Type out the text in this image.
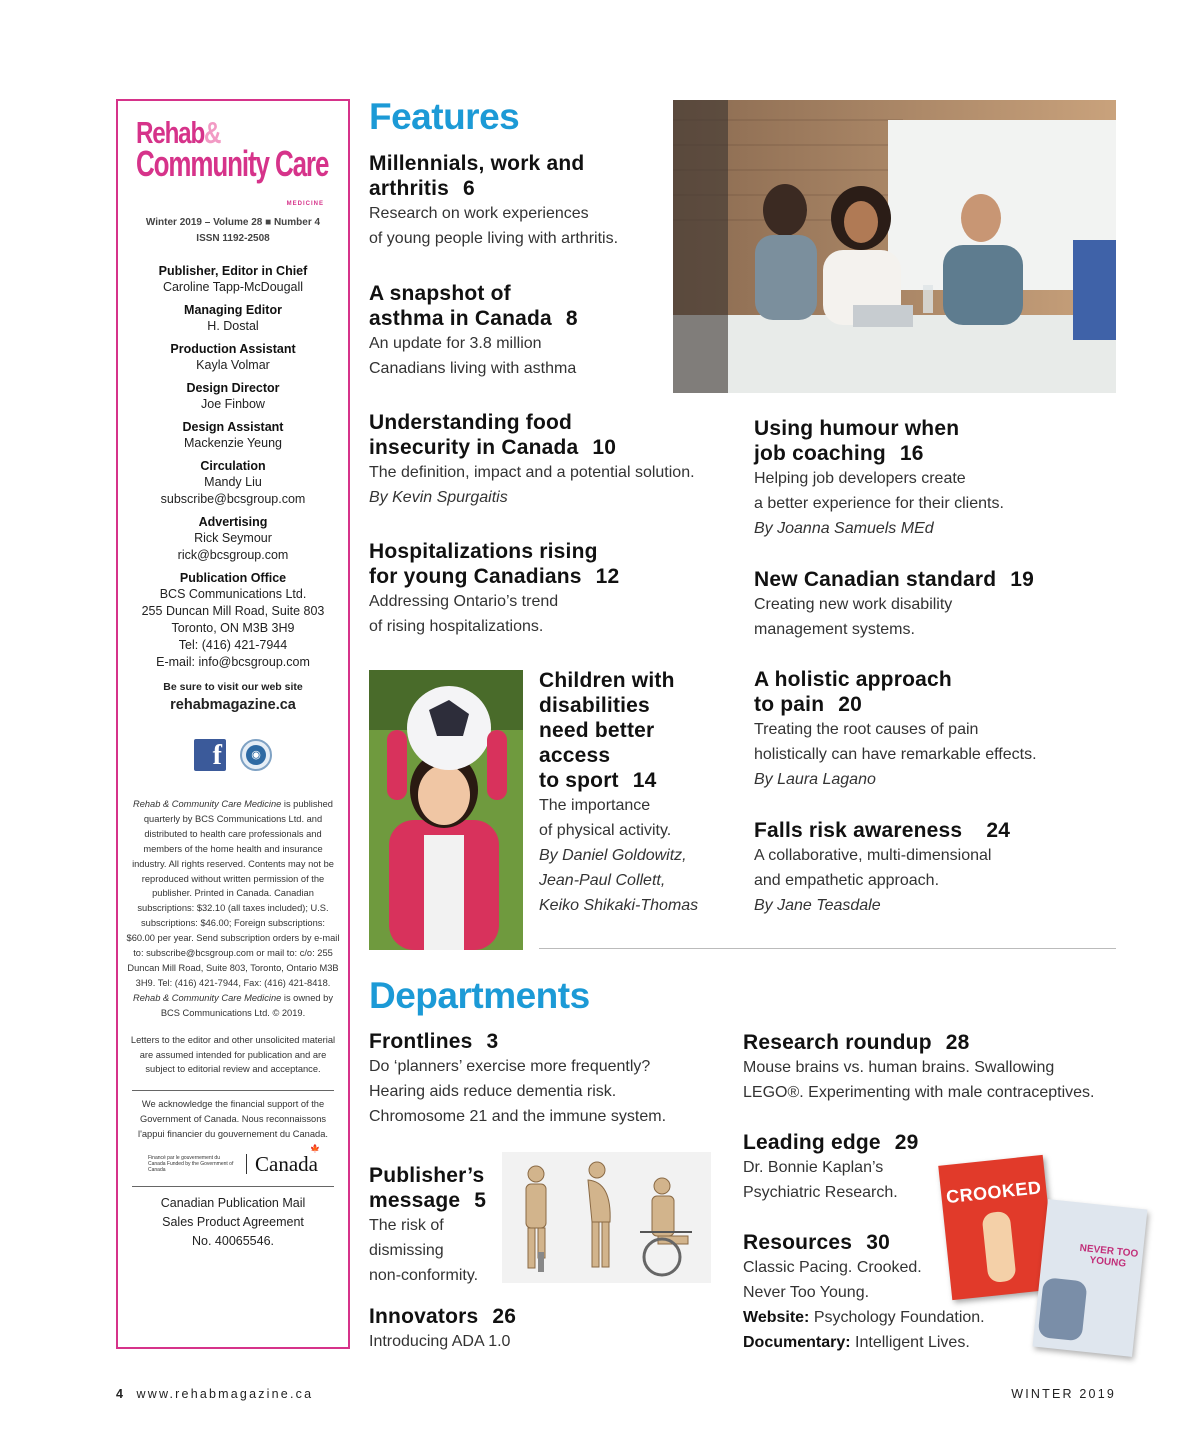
Rehab&
Community Care
MEDICINE
Winter 2019 – Volume 28 ■ Number 4
ISSN 1192-2508
Publisher, Editor in Chief
Caroline Tapp-McDougall
Managing Editor
H. Dostal
Production Assistant
Kayla Volmar
Design Director
Joe Finbow
Design Assistant
Mackenzie Yeung
Circulation
Mandy Liu
subscribe@bcsgroup.com
Advertising
Rick Seymour
rick@bcsgroup.com
Publication Office
BCS Communications Ltd.
255 Duncan Mill Road, Suite 803
Toronto, ON M3B 3H9
Tel: (416) 421-7944
E-mail: info@bcsgroup.com
Be sure to visit our web site
rehabmagazine.ca
f	◉
Rehab & Community Care Medicine is published quarterly by BCS Communications Ltd. and distributed to health care professionals and members of the home health and insurance industry. All rights reserved. Contents may not be reproduced without written permission of the publisher. Printed in Canada. Canadian subscriptions: $32.10 (all taxes included); U.S. subscriptions: $46.00; Foreign subscriptions: $60.00 per year. Send subscription orders by e-mail to: subscribe@bcsgroup.com or mail to: c/o: 255 Duncan Mill Road, Suite 803, Toronto, Ontario M3B 3H9. Tel: (416) 421-7944, Fax: (416) 421-8418. Rehab & Community Care Medicine is owned by BCS Communications Ltd. © 2019.
Letters to the editor and other unsolicited material are assumed intended for publication and are subject to editorial review and acceptance.
We acknowledge the financial support of the Government of Canada. Nous reconnaissons l'appui financier du gouvernement du Canada.
Financé par le gouvernement du Canada Funded by the Government of Canada	Canada
🍁
Canadian Publication Mail
Sales Product Agreement
No. 40065546.
Features
Millennials, work and
arthritis 6

Research on work experiences

of young people living with arthritis.

A snapshot of
asthma in Canada 8

An update for 3.8 million

Canadians living with asthma

Understanding food
insecurity in Canada 10

The definition, impact and a potential solution.

By Kevin Spurgaitis

Hospitalizations rising
for young Canadians 12

Addressing Ontario’s trend

of rising hospitalizations.

Children with
disabilities
need better
access
to sport 14

The importance

of physical activity.

By Daniel Goldowitz,
Jean-Paul Collett,
Keiko Shikaki-Thomas

Using humour when
job coaching 16

Helping job developers create

a better experience for their clients.

By Joanna Samuels MEd

New Canadian standard 19

Creating new work disability

management systems.

A holistic approach
to pain 20

Treating the root causes of pain

holistically can have remarkable effects.

By Laura Lagano

Falls risk awareness 24

A collaborative, multi-dimensional

and empathetic approach.

By Jane Teasdale

Departments
Frontlines 3

Do ‘planners’ exercise more frequently?

Hearing aids reduce dementia risk.

Chromosome 21 and the immune system.

Publisher’s
message 5

The risk of

dismissing

non-conformity.

Innovators 26

Introducing ADA 1.0

Research roundup 28

Mouse brains vs. human brains. Swallowing

LEGO®. Experimenting with male contraceptives.

Leading edge 29

Dr. Bonnie Kaplan’s

Psychiatric Research.	CROOKED
NEVER TOO YOUNG
Resources 30

Classic Pacing. Crooked.

Never Too Young.

Website: Psychology Foundation.

Documentary: Intelligent Lives.

4 www.rehabmagazine.ca	WINTER 2019
